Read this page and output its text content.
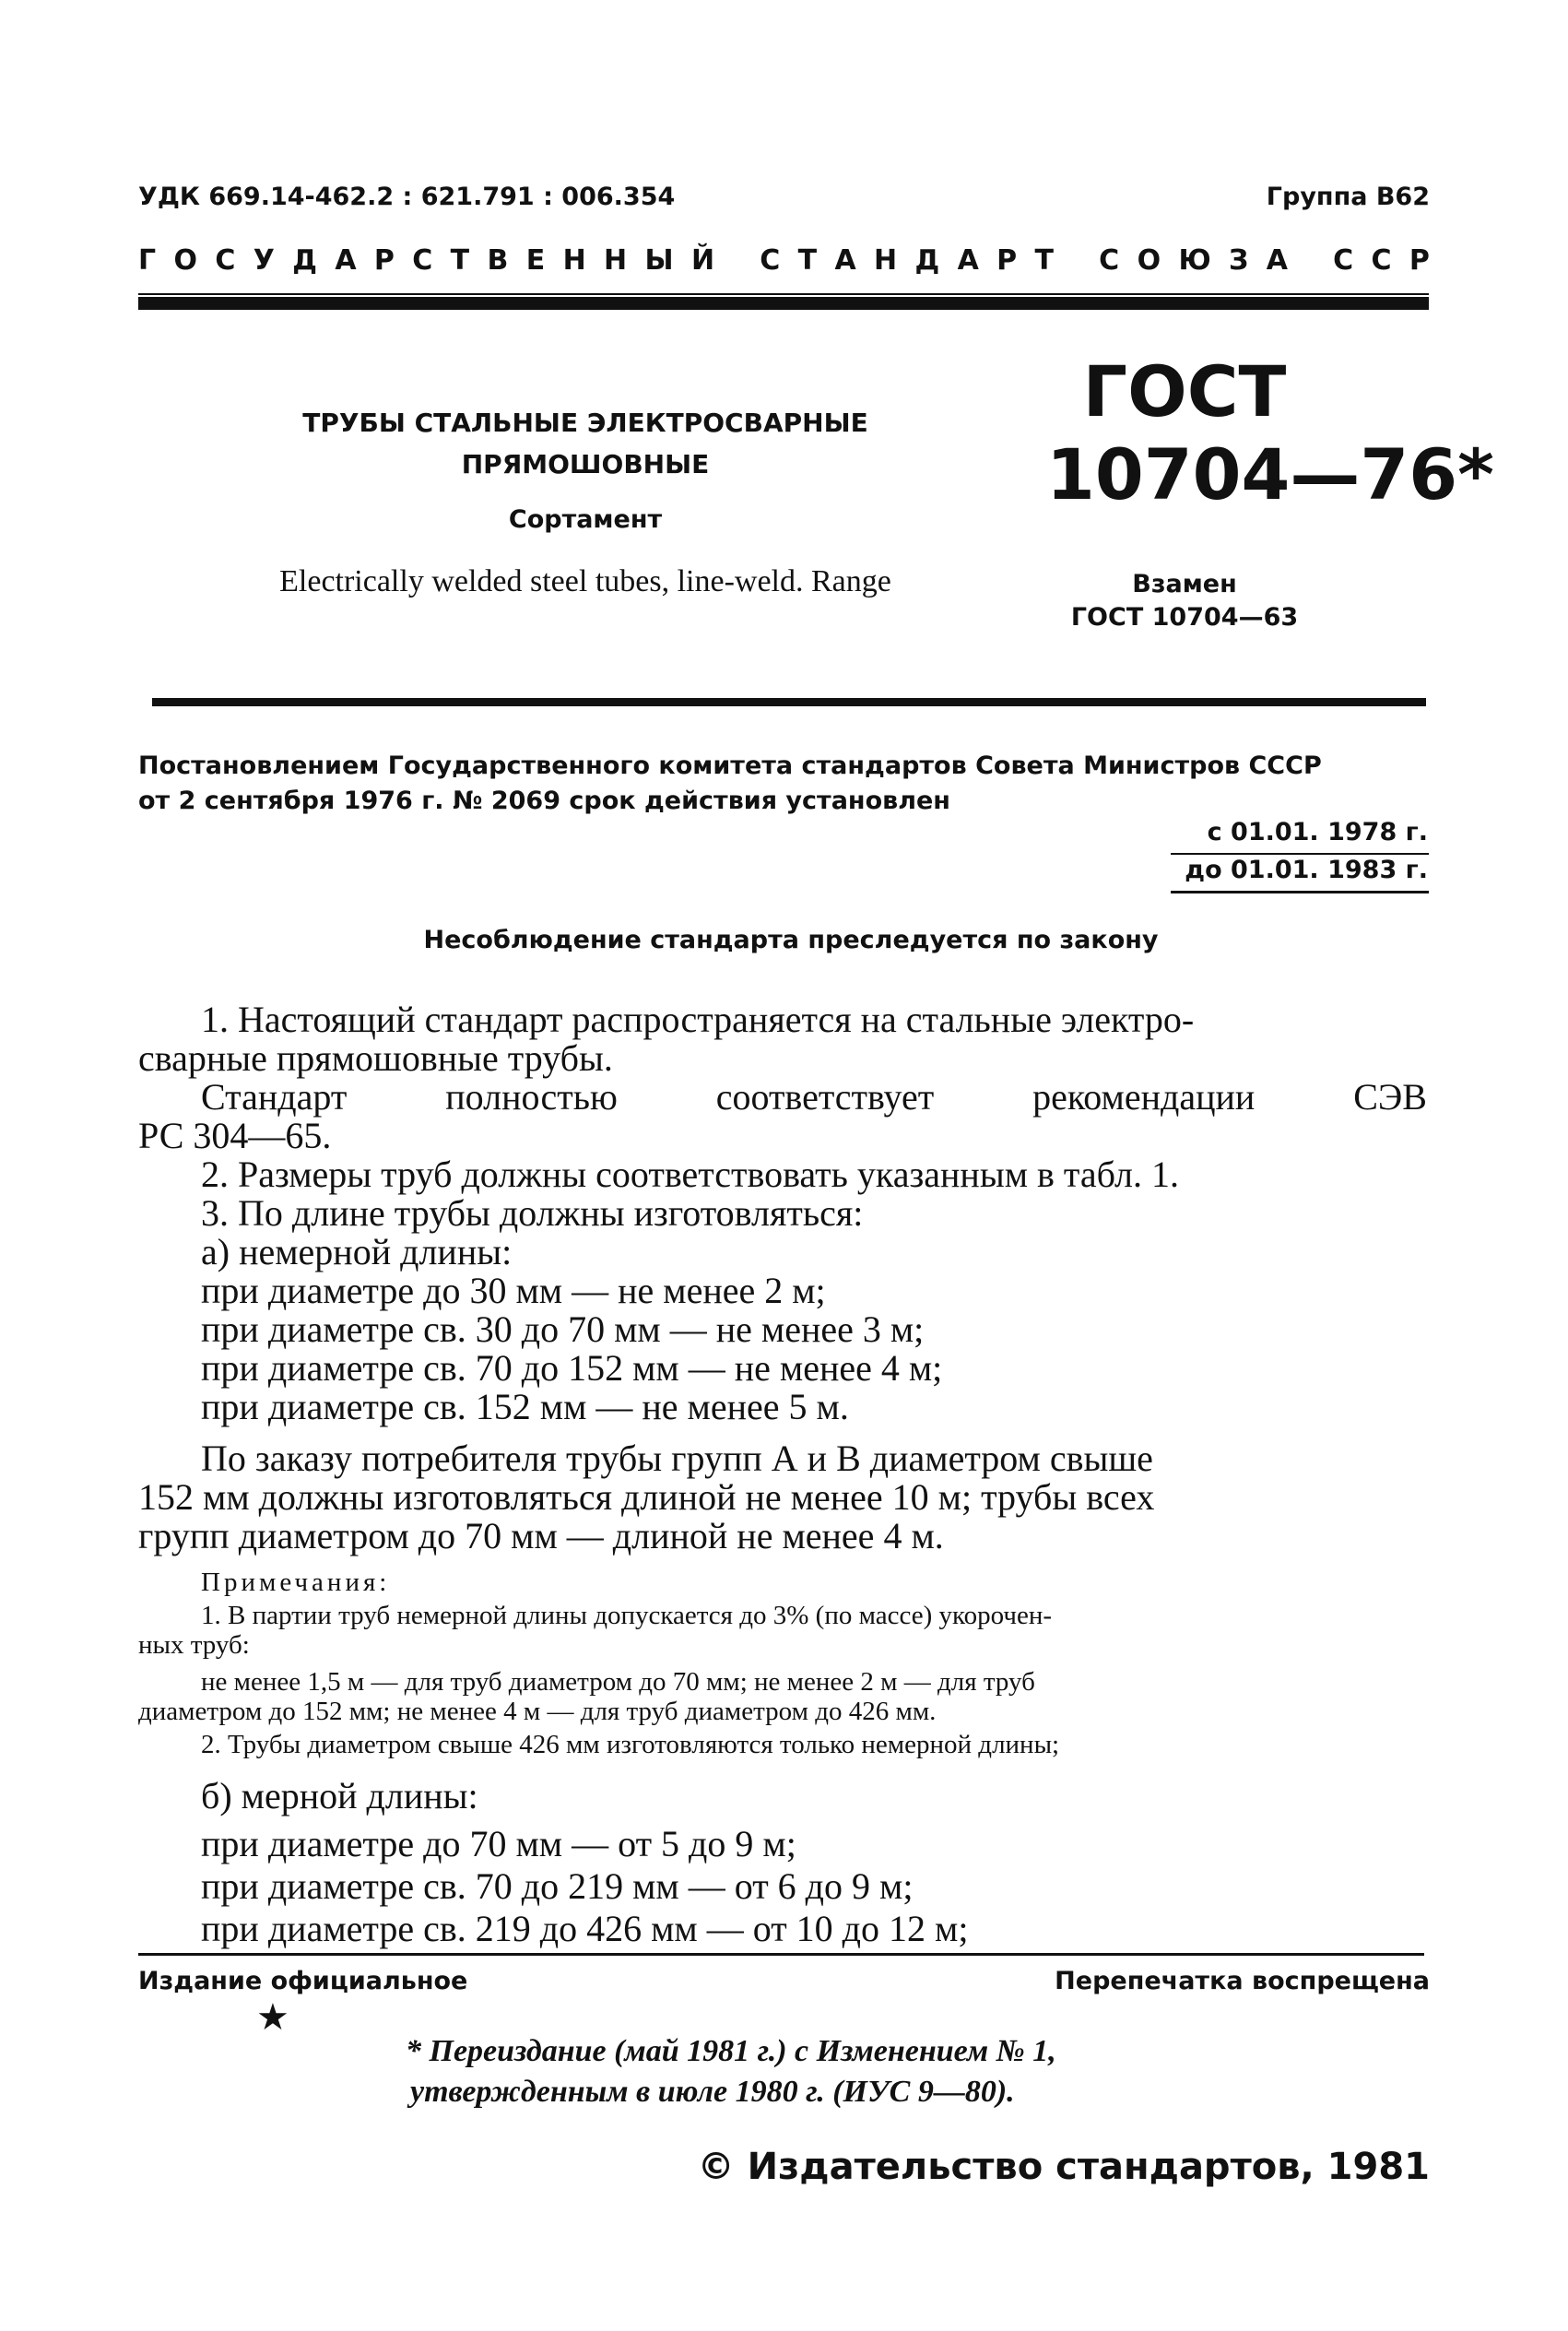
УДК 669.14-462.2 : 621.791 : 006.354	Группа В62
Г О С У Д А Р С Т В Е Н Н Ы Й
С Т А Н Д А Р Т
С О Ю З А
С С Р
ТРУБЫ СТАЛЬНЫЕ ЭЛЕКТРОСВАРНЫЕ
ПРЯМОШОВНЫЕ
Сортамент
Electrically welded steel tubes, line-weld. Range
ГОСТ
10704—76*
Взамен
ГОСТ 10704—63
Постановлением Государственного комитета стандартов Совета Министров СССР
от 2 сентября 1976 г. № 2069 срок действия установлен
с 01.01. 1978 г.
до 01.01. 1983 г.
Несоблюдение стандарта преследуется по закону
1. Настоящий стандарт распространяется на стальные электро-
сварные прямошовные трубы.
Стандарт полностью соответствует рекомендации СЭВ
РС 304—65.
2. Размеры труб должны соответствовать указанным в табл. 1.
3. По длине трубы должны изготовляться:
а) немерной длины:
при диаметре до 30 мм — не менее 2 м;
при диаметре св. 30 до 70 мм — не менее 3 м;
при диаметре св. 70 до 152 мм — не менее 4 м;
при диаметре св. 152 мм — не менее 5 м.
По заказу потребителя трубы групп А и В диаметром свыше
152 мм должны изготовляться длиной не менее 10 м; трубы всех
групп диаметром до 70 мм — длиной не менее 4 м.
Примечания:
1. В партии труб немерной длины допускается до 3% (по массе) укорочен-
ных труб:
не менее 1,5 м — для труб диаметром до 70 мм; не менее 2 м — для труб
диаметром до 152 мм; не менее 4 м — для труб диаметром до 426 мм.
2. Трубы диаметром свыше 426 мм изготовляются только немерной длины;
б) мерной длины:
при диаметре до 70 мм — от 5 до 9 м;
при диаметре св. 70 до 219 мм — от 6 до 9 м;
при диаметре св. 219 до 426 мм — от 10 до 12 м;
Издание официальное	Перепечатка воспрещена
★
* Переиздание (май 1981 г.) с Изменением № 1,
утвержденным в июле 1980 г. (ИУС 9—80).
© Издательство стандартов, 1981
